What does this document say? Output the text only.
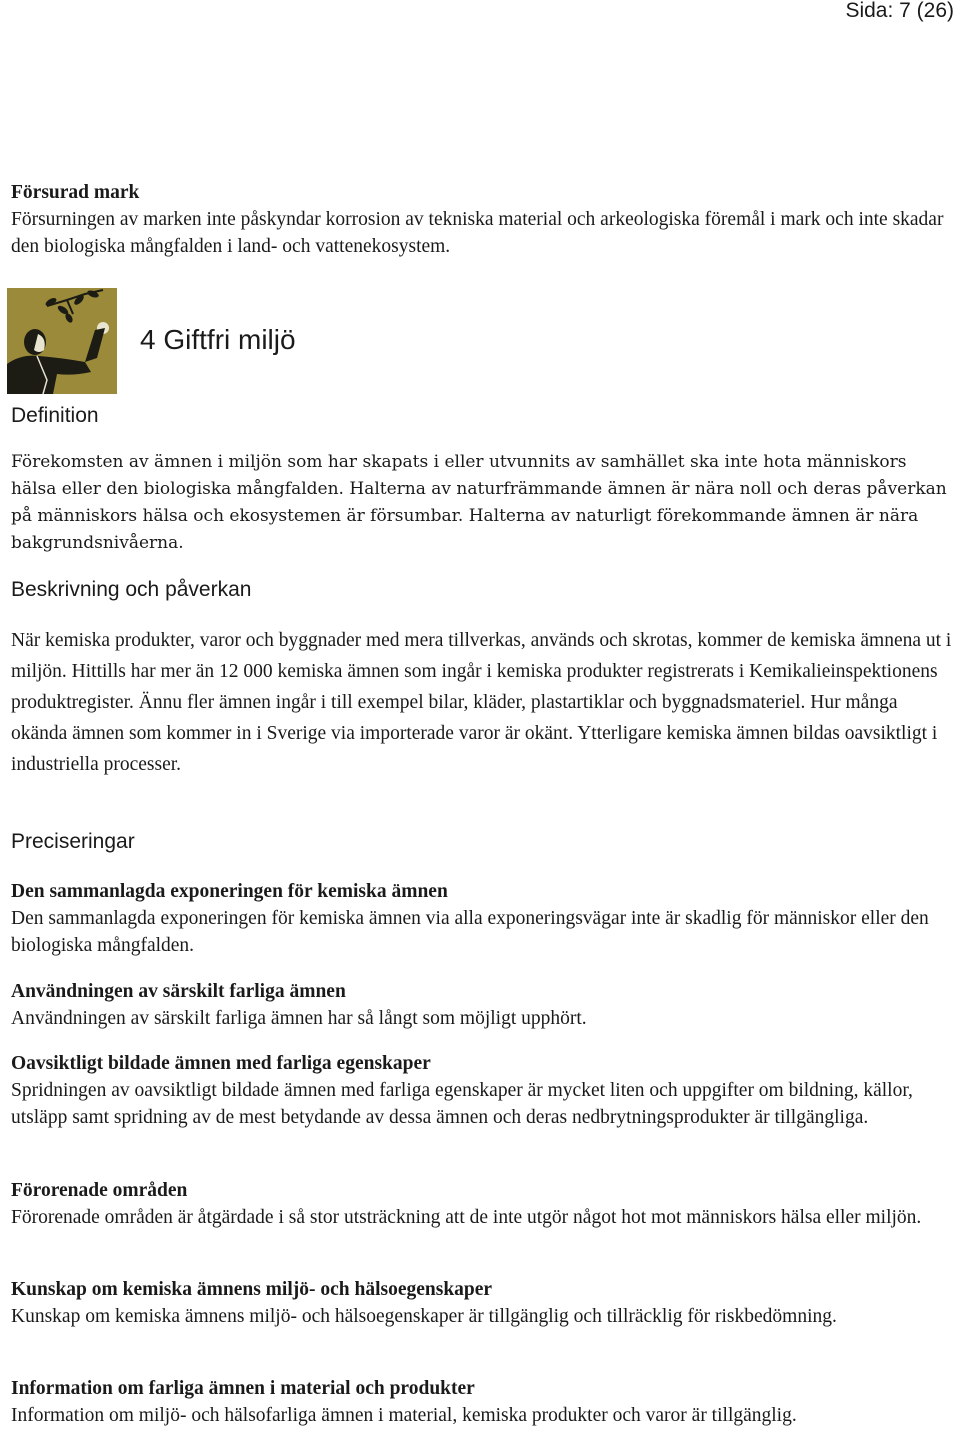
Sida: 7 (26)
Försurad mark

Försurningen av marken inte påskyndar korrosion av tekniska material och arkeologiska föremål i mark och inte skadar den biologiska mångfalden i land- och vattenekosystem.

4 Giftfri miljö
Definition

Förekomsten av ämnen i miljön som har skapats i eller utvunnits av samhället ska inte hota människors hälsa eller den biologiska mångfalden. Halterna av naturfrämmande ämnen är nära noll och deras påverkan på människors hälsa och ekosystemen är försumbar. Halterna av naturligt förekommande ämnen är nära bakgrundsnivåerna.

Beskrivning och påverkan

När kemiska produkter, varor och byggnader med mera tillverkas, används och skrotas, kommer de kemiska ämnena ut i miljön. Hittills har mer än 12 000 kemiska ämnen som ingår i kemiska produkter registrerats i Kemikalieinspektionens produktregister. Ännu fler ämnen ingår i till exempel bilar, kläder, plastartiklar och byggnadsmateriel. Hur många okända ämnen som kommer in i Sverige via importerade varor är okänt. Ytterligare kemiska ämnen bildas oavsiktligt i industriella processer.

Preciseringar
Den sammanlagda exponeringen för kemiska ämnen

Den sammanlagda exponeringen för kemiska ämnen via alla exponeringsvägar inte är skadlig för människor eller den biologiska mångfalden.

Användningen av särskilt farliga ämnen

Användningen av särskilt farliga ämnen har så långt som möjligt upphört.

Oavsiktligt bildade ämnen med farliga egenskaper

Spridningen av oavsiktligt bildade ämnen med farliga egenskaper är mycket liten och uppgifter om bildning, källor, utsläpp samt spridning av de mest betydande av dessa ämnen och deras nedbrytningsprodukter är tillgängliga.

Förorenade områden

Förorenade områden är åtgärdade i så stor utsträckning att de inte utgör något hot mot människors hälsa eller miljön.

Kunskap om kemiska ämnens miljö- och hälsoegenskaper

Kunskap om kemiska ämnens miljö- och hälsoegenskaper är tillgänglig och tillräcklig för riskbedömning.

Information om farliga ämnen i material och produkter

Information om miljö- och hälsofarliga ämnen i material, kemiska produkter och varor är tillgänglig.
